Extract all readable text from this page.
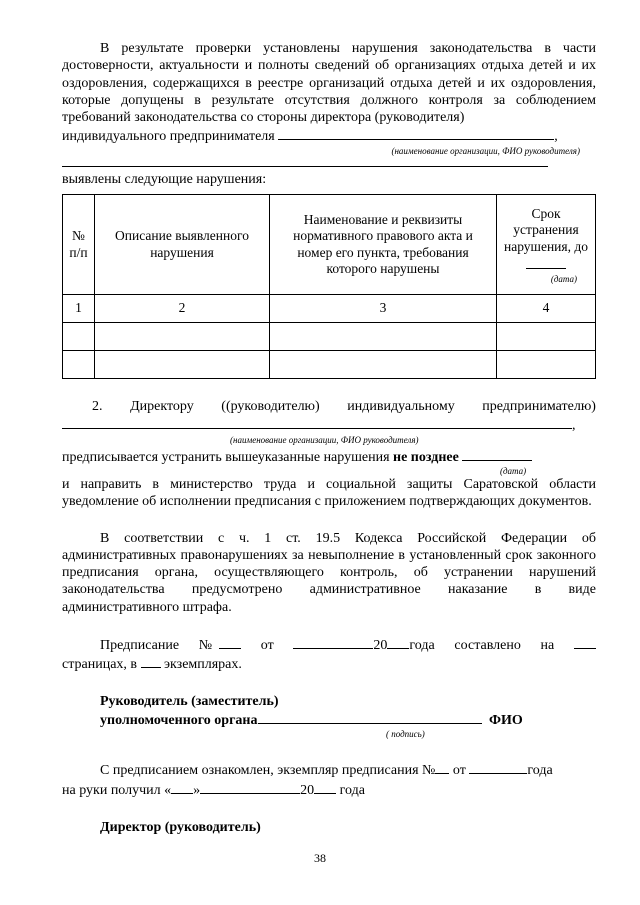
В результате проверки установлены нарушения законодательства в части достоверности, актуальности и полноты сведений об организациях отдыха детей и их оздоровления, содержащихся в реестре организаций отдыха детей и их оздоровления, которые допущены в результате отсутствия должного контроля за соблюдением требований законодательства со стороны директора (руководителя)

индивидуального предпринимателя	,

(наименование организации, ФИО руководителя)

выявлены следующие нарушения:

№ п/п	Описание выявленного нарушения	Наименование и реквизиты нормативного правового акта и номер его пункта, требования которого нарушены	Срок устранения нарушения, до
(дата)

1	2	3	4

2. Директору ((руководителю) индивидуальному предпринимателю)
,
(наименование организации, ФИО руководителя)

предписывается устранить вышеуказанные нарушения не позднее

(дата)

и направить в министерство труда и социальной защиты Саратовской области уведомление об исполнении предписания с приложением подтверждающих документов.

В соответствии с ч. 1 ст. 19.5 Кодекса Российской Федерации об административных правонарушениях за невыполнение в установленный срок законного предписания органа, осуществляющего контроль, об устранении нарушений законодательства предусмотрено административное наказание в виде административного штрафа.

Предписание №	от	20 года составлено на

страницах, в экземплярах.

Руководитель (заместитель)
уполномоченного органа	ФИО
( подпись)

С предписанием ознакомлен, экземпляр предписания № от	года

на руки получил « »	20 года

Директор (руководитель)

38
